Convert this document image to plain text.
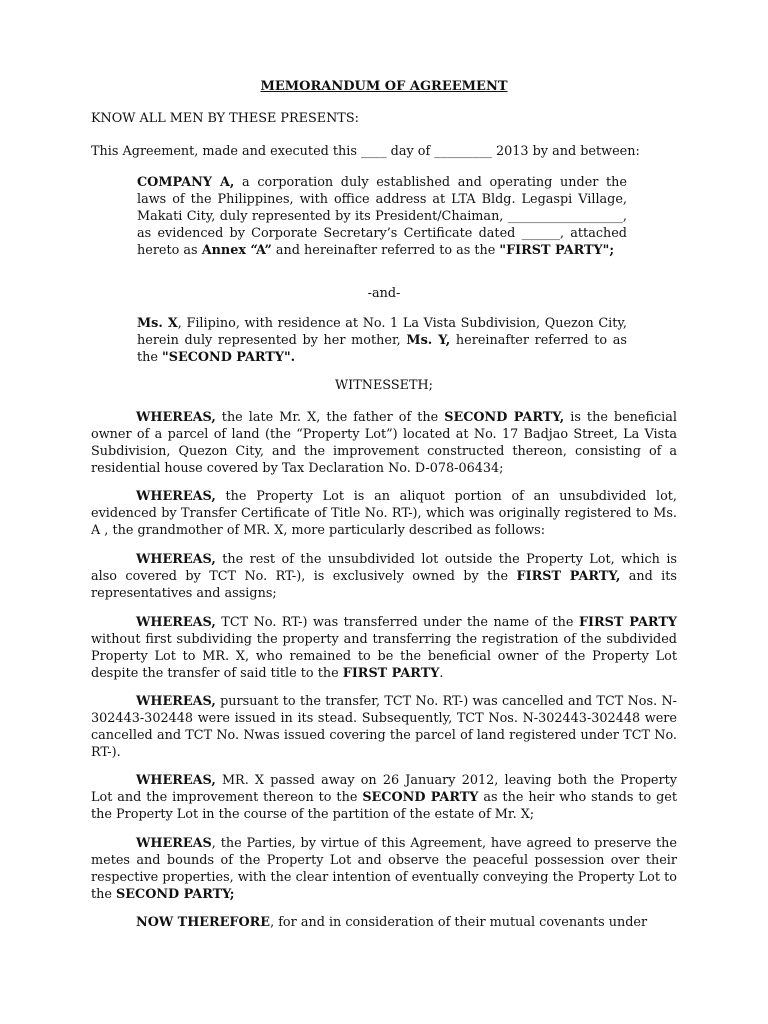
MEMORANDUM OF AGREEMENT
KNOW ALL MEN BY THESE PRESENTS:
This Agreement, made and executed this ____ day of _________ 2013 by and between:
COMPANY A, a corporation duly established and operating under the laws of the Philippines, with office address at LTA Bldg. Legaspi Village, Makati City, duly represented by its President/Chaiman, __________________, as evidenced by Corporate Secretary’s Certificate dated ______, attached hereto as Annex “A” and hereinafter referred to as the "FIRST PARTY";
-and-
Ms. X, Filipino, with residence at No. 1 La Vista Subdivision, Quezon City, herein duly represented by her mother, Ms. Y, hereinafter referred to as the "SECOND PARTY".
WITNESSETH;
WHEREAS, the late Mr. X, the father of the SECOND PARTY, is the beneficial owner of a parcel of land (the “Property Lot”) located at No. 17 Badjao Street, La Vista Subdivision, Quezon City, and the improvement constructed thereon, consisting of a residential house covered by Tax Declaration No. D-078-06434;
WHEREAS, the Property Lot is an aliquot portion of an unsubdivided lot, evidenced by Transfer Certificate of Title No. RT-), which was originally registered to Ms. A , the grandmother of MR. X, more particularly described as follows:
WHEREAS, the rest of the unsubdivided lot outside the Property Lot, which is also covered by TCT No. RT-), is exclusively owned by the FIRST PARTY, and its representatives and assigns;
WHEREAS, TCT No. RT-) was transferred under the name of the FIRST PARTY without first subdividing the property and transferring the registration of the subdivided Property Lot to MR. X, who remained to be the beneficial owner of the Property Lot despite the transfer of said title to the FIRST PARTY.
WHEREAS, pursuant to the transfer, TCT No. RT-) was cancelled and TCT Nos. N-302443-302448 were issued in its stead. Subsequently, TCT Nos. N-302443-302448 were cancelled and TCT No. Nwas issued covering the parcel of land registered under TCT No. RT-).
WHEREAS, MR. X passed away on 26 January 2012, leaving both the Property Lot and the improvement thereon to the SECOND PARTY as the heir who stands to get the Property Lot in the course of the partition of the estate of Mr. X;
WHEREAS, the Parties, by virtue of this Agreement, have agreed to preserve the metes and bounds of the Property Lot and observe the peaceful possession over their respective properties, with the clear intention of eventually conveying the Property Lot to the SECOND PARTY;
NOW THEREFORE, for and in consideration of their mutual covenants under
